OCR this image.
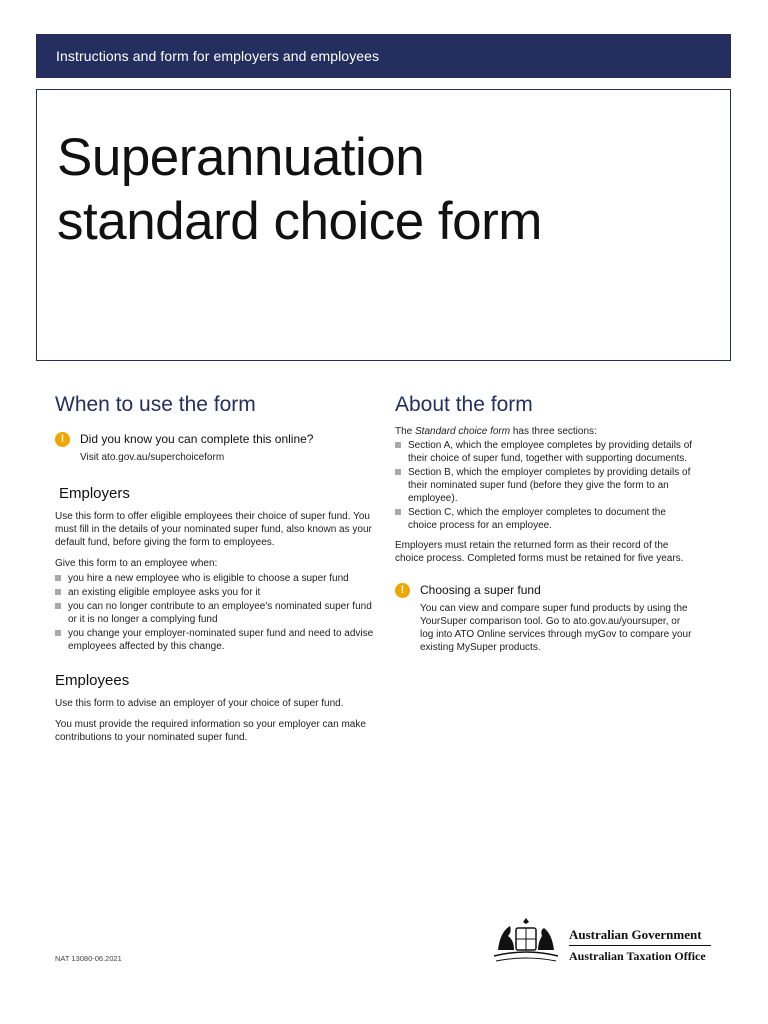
Instructions and form for employers and employees
Superannuation
standard choice form
When to use the form
!	Did you know you can complete this online?

Visit ato.gov.au/superchoiceform

Employers

Use this form to offer eligible employees their choice of super fund. You must fill in the details of your nominated super fund, also known as your default fund, before giving the form to employees.

Give this form to an employee when:

you hire a new employee who is eligible to choose a super fund
an existing eligible employee asks you for it
you can no longer contribute to an employee's nominated super fund or it is no longer a complying fund
you change your employer-nominated super fund and need to advise employees affected by this change.
Employees

Use this form to advise an employer of your choice of super fund.

You must provide the required information so your employer can make contributions to your nominated super fund.

About the form

The Standard choice form has three sections:

Section A, which the employee completes by providing details of their choice of super fund, together with supporting documents.
Section B, which the employer completes by providing details of their nominated super fund (before they give the form to an employee).
Section C, which the employer completes to document the choice process for an employee.

Employers must retain the returned form as their record of the choice process. Completed forms must be retained for five years.

!	Choosing a super fund

You can view and compare super fund products by using the YourSuper comparison tool. Go to ato.gov.au/yoursuper, or log into ATO Online services through myGov to compare your existing MySuper products.

NAT 13080-06.2021
Australian Government
Australian Taxation Office
